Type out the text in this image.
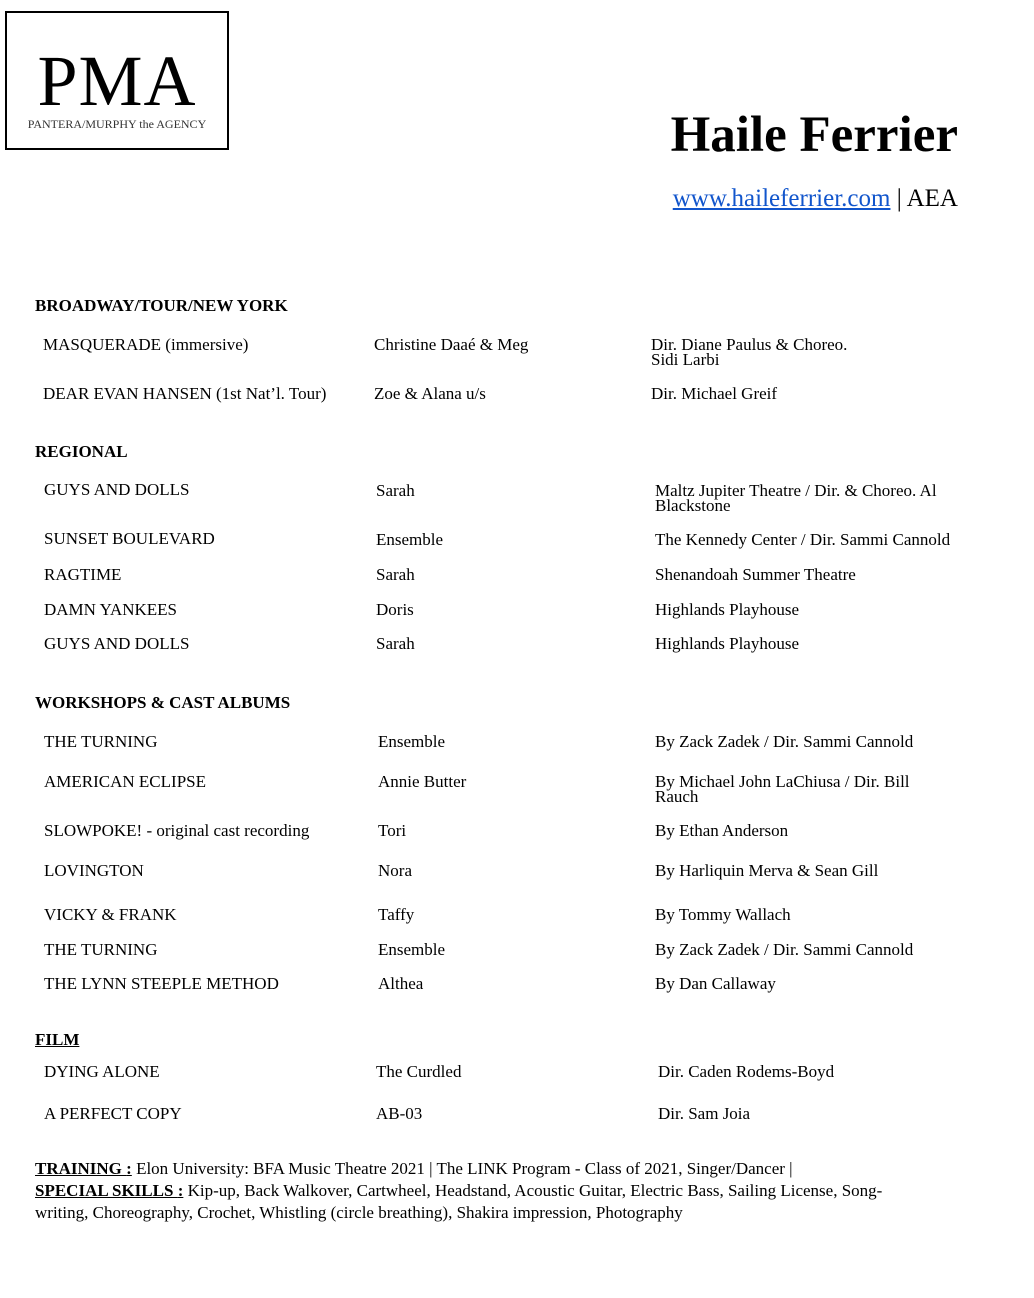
PMA
PANTERA/MURPHY the AGENCY	Haile Ferrier
www.haileferrier.com | AEA
BROADWAY/TOUR/NEW YORK
MASQUERADE (immersive)	Christine Daaé & Meg	Dir. Diane Paulus & Choreo. Sidi Larbi
DEAR EVAN HANSEN (1st Nat’l. Tour)	Zoe & Alana u/s	Dir. Michael Greif
REGIONAL
GUYS AND DOLLS	Sarah	Maltz Jupiter Theatre / Dir. & Choreo. Al Blackstone
SUNSET BOULEVARD	Ensemble	The Kennedy Center / Dir. Sammi Cannold
RAGTIME	Sarah	Shenandoah Summer Theatre
DAMN YANKEES	Doris	Highlands Playhouse
GUYS AND DOLLS	Sarah	Highlands Playhouse
WORKSHOPS & CAST ALBUMS
THE TURNING	Ensemble	By Zack Zadek / Dir. Sammi Cannold
AMERICAN ECLIPSE	Annie Butter	By Michael John LaChiusa / Dir. Bill Rauch
SLOWPOKE! - original cast recording	Tori	By Ethan Anderson
LOVINGTON	Nora	By Harliquin Merva & Sean Gill
VICKY & FRANK	Taffy	By Tommy Wallach
THE TURNING	Ensemble	By Zack Zadek / Dir. Sammi Cannold
THE LYNN STEEPLE METHOD	Althea	By Dan Callaway
FILM
DYING ALONE	The Curdled	Dir. Caden Rodems-Boyd
A PERFECT COPY	AB-03	Dir. Sam Joia
TRAINING : Elon University: BFA Music Theatre 2021 | The LINK Program - Class of 2021, Singer/Dancer |
SPECIAL SKILLS : Kip-up, Back Walkover, Cartwheel, Headstand, Acoustic Guitar, Electric Bass, Sailing License, Song-writing, Choreography, Crochet, Whistling (circle breathing), Shakira impression, Photography
